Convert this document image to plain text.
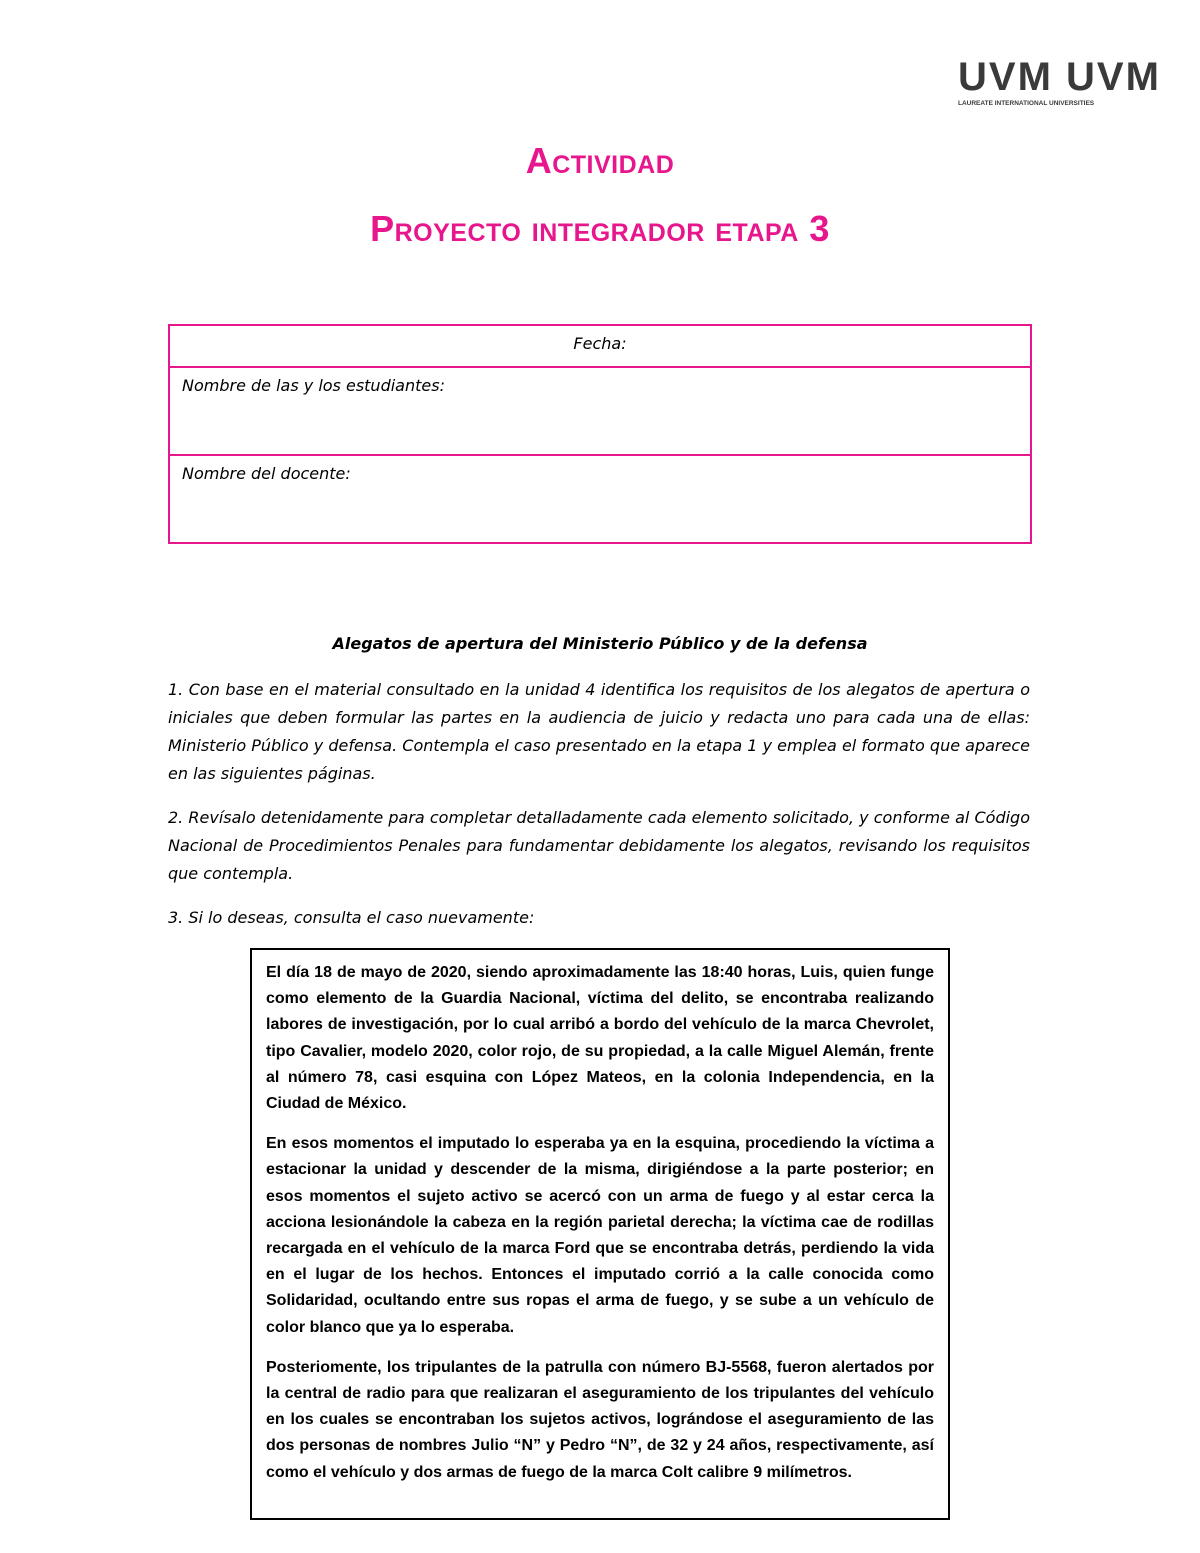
UVM UVM
LAUREATE INTERNATIONAL UNIVERSITIES
Actividad
Proyecto integrador etapa 3
Fecha:
Nombre de las y los estudiantes:
Nombre del docente:
Alegatos de apertura del Ministerio Público y de la defensa

1. Con base en el material consultado en la unidad 4 identifica los requisitos de los alegatos de apertura o iniciales que deben formular las partes en la audiencia de juicio y redacta uno para cada una de ellas: Ministerio Público y defensa. Contempla el caso presentado en la etapa 1 y emplea el formato que aparece en las siguientes páginas.

2. Revísalo detenidamente para completar detalladamente cada elemento solicitado, y conforme al Código Nacional de Procedimientos Penales para fundamentar debidamente los alegatos, revisando los requisitos que contempla.

3. Si lo deseas, consulta el caso nuevamente:

El día 18 de mayo de 2020, siendo aproximadamente las 18:40 horas, Luis, quien funge como elemento de la Guardia Nacional, víctima del delito, se encontraba realizando labores de investigación, por lo cual arribó a bordo del vehículo de la marca Chevrolet, tipo Cavalier, modelo 2020, color rojo, de su propiedad, a la calle Miguel Alemán, frente al número 78, casi esquina con López Mateos, en la colonia Independencia, en la Ciudad de México.

En esos momentos el imputado lo esperaba ya en la esquina, procediendo la víctima a estacionar la unidad y descender de la misma, dirigiéndose a la parte posterior; en esos momentos el sujeto activo se acercó con un arma de fuego y al estar cerca la acciona lesionándole la cabeza en la región parietal derecha; la víctima cae de rodillas recargada en el vehículo de la marca Ford que se encontraba detrás, perdiendo la vida en el lugar de los hechos. Entonces el imputado corrió a la calle conocida como Solidaridad, ocultando entre sus ropas el arma de fuego, y se sube a un vehículo de color blanco que ya lo esperaba.

Posteriomente, los tripulantes de la patrulla con número BJ-5568, fueron alertados por la central de radio para que realizaran el aseguramiento de los tripulantes del vehículo en los cuales se encontraban los sujetos activos, lográndose el aseguramiento de las dos personas de nombres Julio “N” y Pedro “N”, de 32 y 24 años, respectivamente, así como el vehículo y dos armas de fuego de la marca Colt calibre 9 milímetros.
